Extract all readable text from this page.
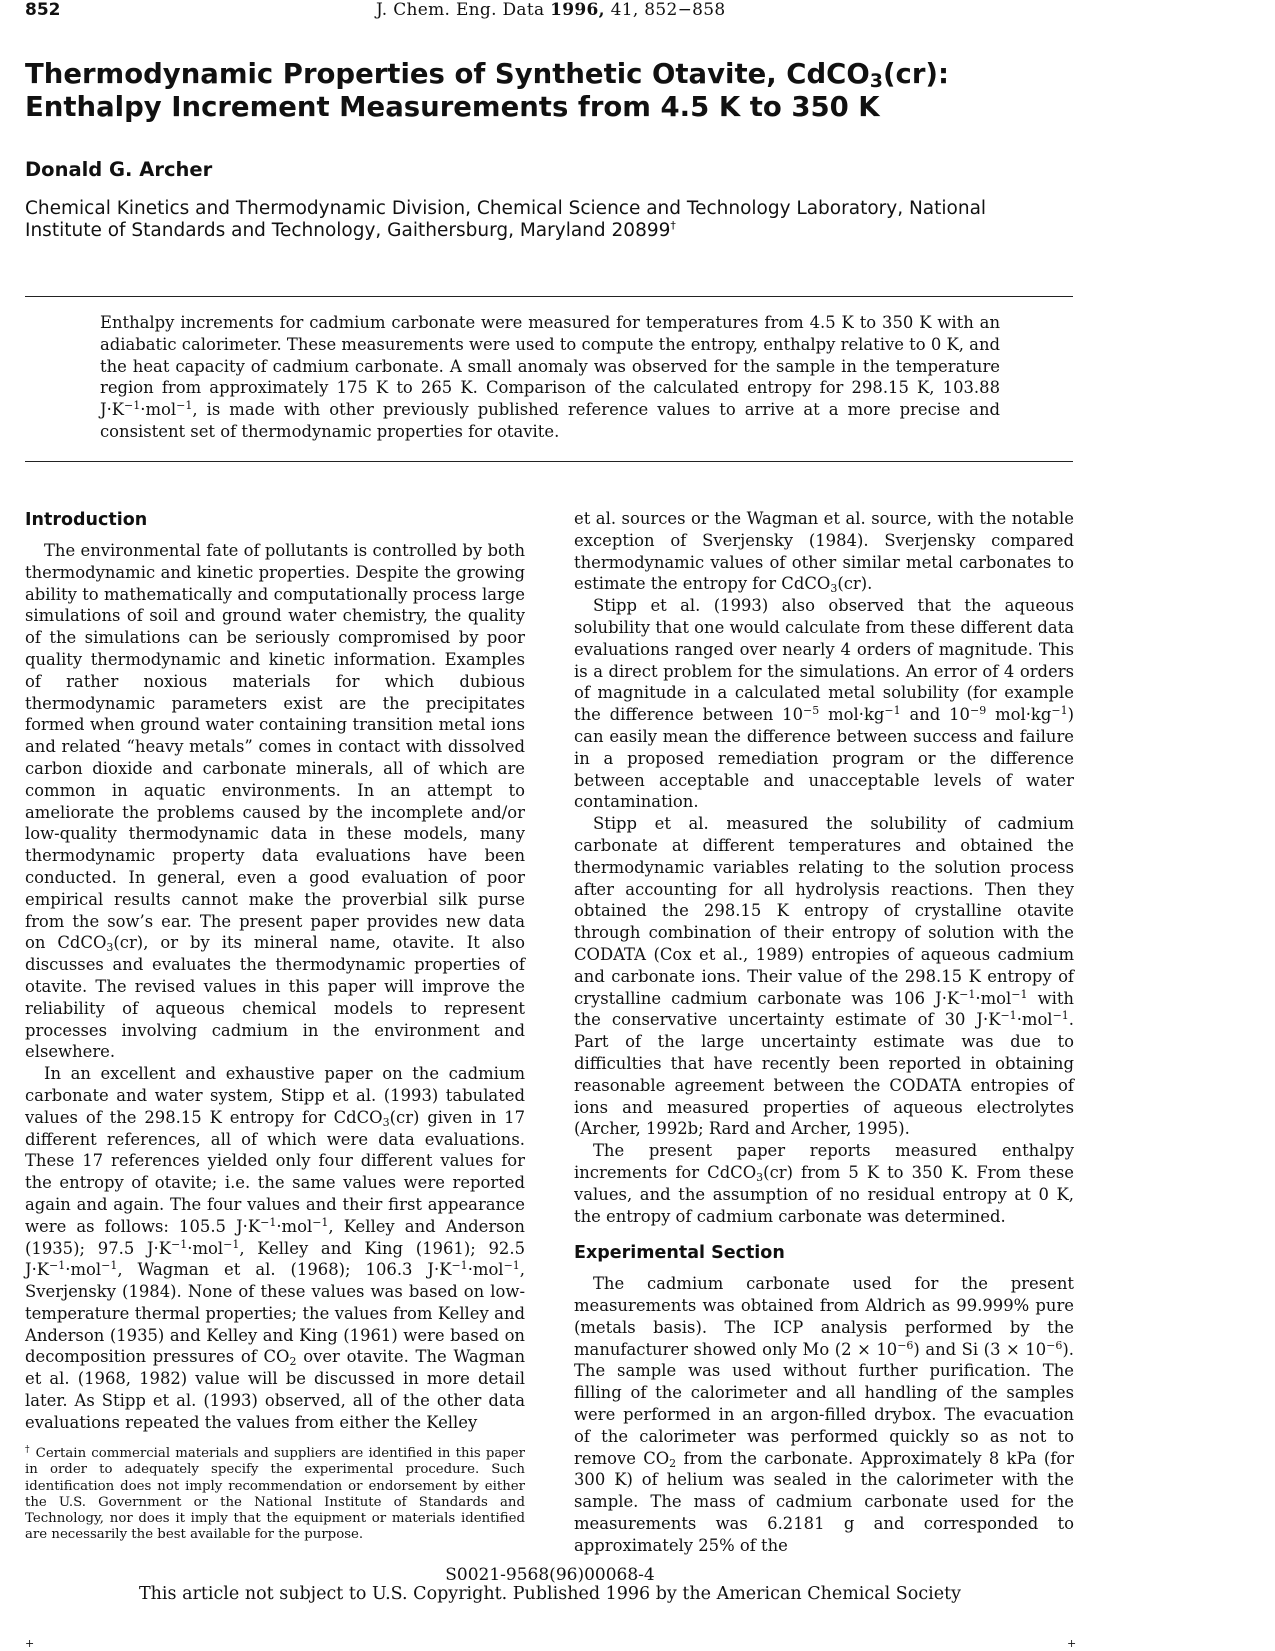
852	J. Chem. Eng. Data 1996, 41, 852−858
Thermodynamic Properties of Synthetic Otavite, CdCO$_3$(cr):
Enthalpy Increment Measurements from 4.5 K to 350 K
Donald G. Archer
Chemical Kinetics and Thermodynamic Division, Chemical Science and Technology Laboratory, National
Institute of Standards and Technology, Gaithersburg, Maryland 20899†
Enthalpy increments for cadmium carbonate were measured for temperatures from 4.5 K to 350 K with an adiabatic calorimeter. These measurements were used to compute the entropy, enthalpy relative to 0 K, and the heat capacity of cadmium carbonate. A small anomaly was observed for the sample in the temperature region from approximately 175 K to 265 K. Comparison of the calculated entropy for 298.15 K, 103.88 $J\cdot K^{-1}\cdot mol^{-1}$, is made with other previously published reference values to arrive at a more precise and consistent set of thermodynamic properties for otavite.
Introduction

The environmental fate of pollutants is controlled by both thermodynamic and kinetic properties. Despite the growing ability to mathematically and computationally process large simulations of soil and ground water chemistry, the quality of the simulations can be seriously compromised by poor quality thermodynamic and kinetic information. Examples of rather noxious materials for which dubious thermodynamic parameters exist are the precipitates formed when ground water containing transition metal ions and related “heavy metals” comes in contact with dissolved carbon dioxide and carbonate minerals, all of which are common in aquatic environments. In an attempt to ameliorate the problems caused by the incomplete and/or low-quality thermodynamic data in these models, many thermodynamic property data evaluations have been conducted. In general, even a good evaluation of poor empirical results cannot make the proverbial silk purse from the sow’s ear. The present paper provides new data on CdCO$_3$(cr), or by its mineral name, otavite. It also discusses and evaluates the thermodynamic properties of otavite. The revised values in this paper will improve the reliability of aqueous chemical models to represent processes involving cadmium in the environment and elsewhere.

In an excellent and exhaustive paper on the cadmium carbonate and water system, Stipp et al. (1993) tabulated values of the 298.15 K entropy for CdCO$_3$(cr) given in 17 different references, all of which were data evaluations. These 17 references yielded only four different values for the entropy of otavite; i.e. the same values were reported again and again. The four values and their first appearance were as follows: 105.5 $J\cdot K^{-1}\cdot mol^{-1}$, Kelley and Anderson (1935); 97.5 $J\cdot K^{-1}\cdot mol^{-1}$, Kelley and King (1961); 92.5 $J\cdot K^{-1}\cdot mol^{-1}$, Wagman et al. (1968); 106.3 $J\cdot K^{-1}\cdot mol^{-1}$, Sverjensky (1984). None of these values was based on low-temperature thermal properties; the values from Kelley and Anderson (1935) and Kelley and King (1961) were based on decomposition pressures of $CO_2$ over otavite. The Wagman et al. (1968, 1982) value will be discussed in more detail later. As Stipp et al. (1993) observed, all of the other data evaluations repeated the values from either the Kelley

† Certain commercial materials and suppliers are identified in this paper in order to adequately specify the experimental procedure. Such identification does not imply recommendation or endorsement by either the U.S. Government or the National Institute of Standards and Technology, nor does it imply that the equipment or materials identified are necessarily the best available for the purpose.

et al. sources or the Wagman et al. source, with the notable exception of Sverjensky (1984). Sverjensky compared thermodynamic values of other similar metal carbonates to estimate the entropy for CdCO$_3$(cr).

Stipp et al. (1993) also observed that the aqueous solubility that one would calculate from these different data evaluations ranged over nearly 4 orders of magnitude. This is a direct problem for the simulations. An error of 4 orders of magnitude in a calculated metal solubility (for example the difference between $10^{-5}$ $mol\cdot kg^{-1}$ and $10^{-9}$ $mol\cdot kg^{-1}$) can easily mean the difference between success and failure in a proposed remediation program or the difference between acceptable and unacceptable levels of water contamination.

Stipp et al. measured the solubility of cadmium carbonate at different temperatures and obtained the thermodynamic variables relating to the solution process after accounting for all hydrolysis reactions. Then they obtained the 298.15 K entropy of crystalline otavite through combination of their entropy of solution with the CODATA (Cox et al., 1989) entropies of aqueous cadmium and carbonate ions. Their value of the 298.15 K entropy of crystalline cadmium carbonate was 106 $J\cdot K^{-1}\cdot mol^{-1}$ with the conservative uncertainty estimate of 30 $J\cdot K^{-1}\cdot mol^{-1}$. Part of the large uncertainty estimate was due to difficulties that have recently been reported in obtaining reasonable agreement between the CODATA entropies of ions and measured properties of aqueous electrolytes (Archer, 1992b; Rard and Archer, 1995).

The present paper reports measured enthalpy increments for CdCO$_3$(cr) from 5 K to 350 K. From these values, and the assumption of no residual entropy at 0 K, the entropy of cadmium carbonate was determined.

Experimental Section

The cadmium carbonate used for the present measurements was obtained from Aldrich as 99.999% pure (metals basis). The ICP analysis performed by the manufacturer showed only Mo $(2 \times 10^{-6})$ and Si $(3 \times 10^{-6})$. The sample was used without further purification. The filling of the calorimeter and all handling of the samples were performed in an argon-filled drybox. The evacuation of the calorimeter was performed quickly so as not to remove $CO_2$ from the carbonate. Approximately 8 kPa (for 300 K) of helium was sealed in the calorimeter with the sample. The mass of cadmium carbonate used for the measurements was 6.2181 g and corresponded to approximately 25% of the

S0021-9568(96)00068-4
This article not subject to U.S. Copyright. Published 1996 by the American Chemical Society
+	+
